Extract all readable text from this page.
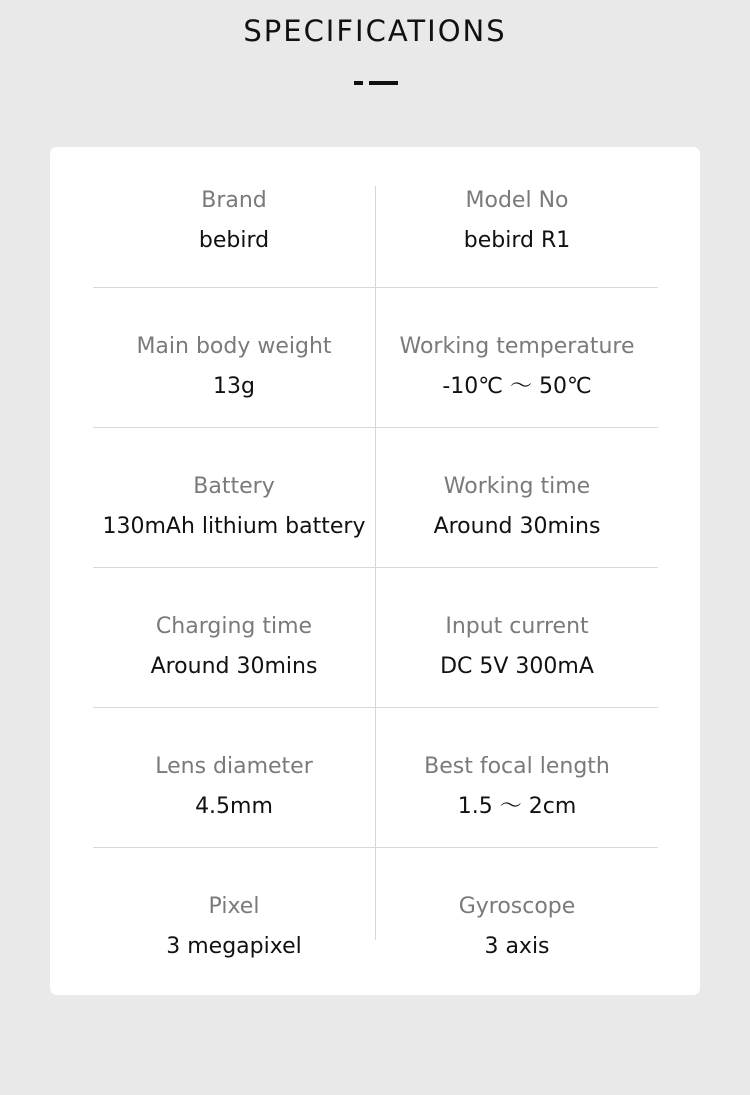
SPECIFICATIONS
Brand
bebird
Model No
bebird R1
Main body weight
13g
Working temperature
-10℃ ～ 50℃
Battery
130mAh lithium battery
Working time
Around 30mins
Charging time
Around 30mins
Input current
DC 5V 300mA
Lens diameter
4.5mm
Best focal length
1.5 ～ 2cm
Pixel
3 megapixel
Gyroscope
3 axis
